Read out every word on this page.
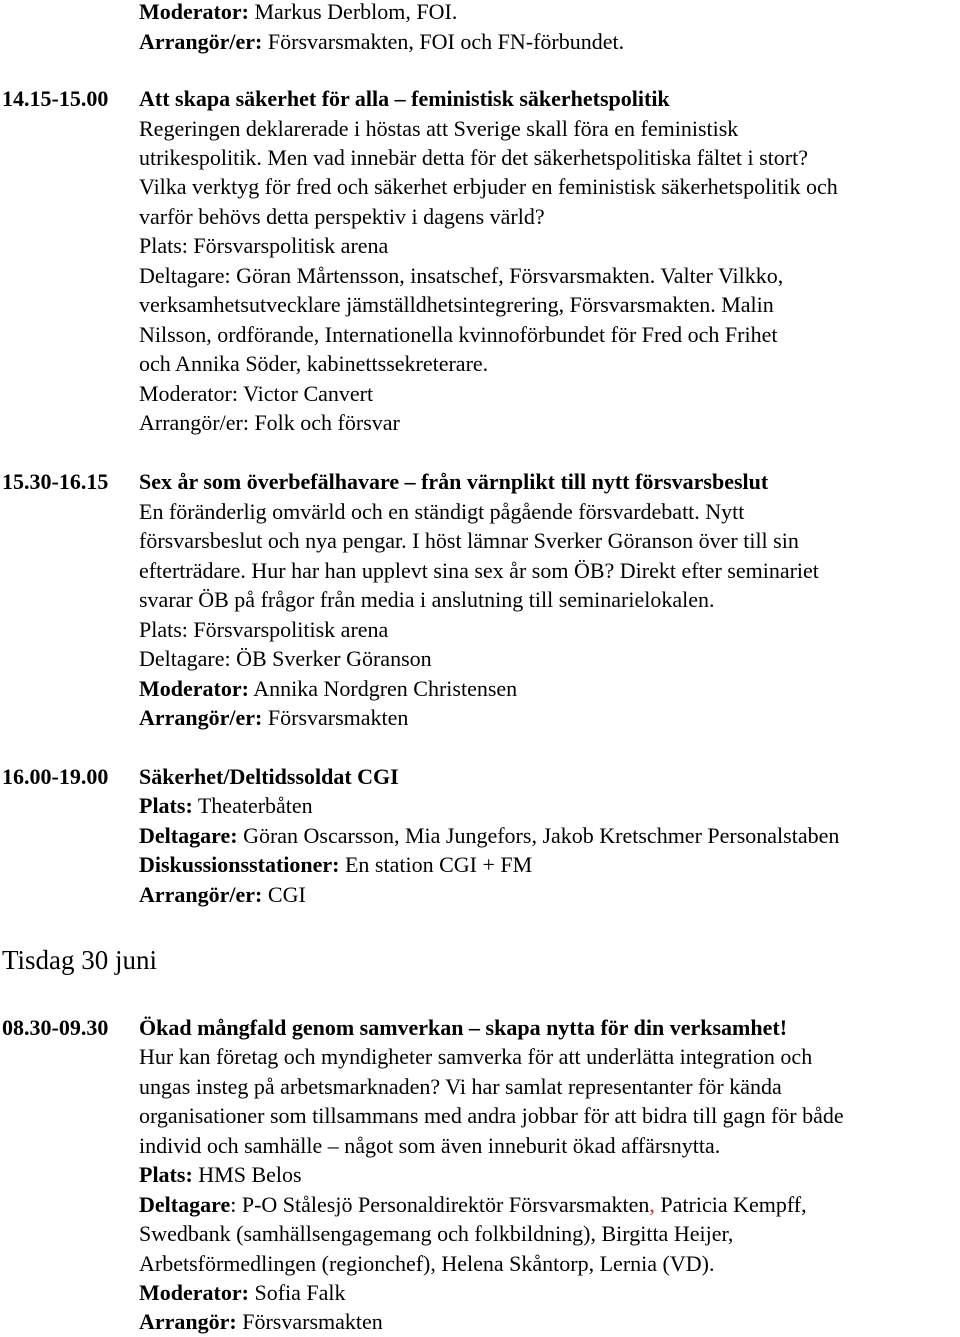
Moderator: Markus Derblom, FOI.
Arrangör/er: Försvarsmakten, FOI och FN-förbundet.
14.15-15.00 Att skapa säkerhet för alla – feministisk säkerhetspolitik
Regeringen deklarerade i höstas att Sverige skall föra en feministisk
utrikespolitik. Men vad innebär detta för det säkerhetspolitiska fältet i stort?
Vilka verktyg för fred och säkerhet erbjuder en feministisk säkerhetspolitik och
varför behövs detta perspektiv i dagens värld?
Plats: Försvarspolitisk arena
Deltagare: Göran Mårtensson, insatschef, Försvarsmakten. Valter Vilkko,
verksamhetsutvecklare jämställdhetsintegrering, Försvarsmakten. Malin
Nilsson, ordförande, Internationella kvinnoförbundet för Fred och Frihet
och Annika Söder, kabinettssekreterare.
Moderator: Victor Canvert
Arrangör/er: Folk och försvar
15.30-16.15 Sex år som överbefälhavare – från värnplikt till nytt försvarsbeslut
En föränderlig omvärld och en ständigt pågående försvardebatt. Nytt
försvarsbeslut och nya pengar. I höst lämnar Sverker Göranson över till sin
efterträdare. Hur har han upplevt sina sex år som ÖB? Direkt efter seminariet
svarar ÖB på frågor från media i anslutning till seminarielokalen.
Plats: Försvarspolitisk arena
Deltagare: ÖB Sverker Göranson
Moderator: Annika Nordgren Christensen
Arrangör/er: Försvarsmakten
16.00-19.00 Säkerhet/Deltidssoldat CGI
Plats: Theaterbåten
Deltagare: Göran Oscarsson, Mia Jungefors, Jakob Kretschmer Personalstaben
Diskussionsstationer: En station CGI + FM
Arrangör/er: CGI
Tisdag 30 juni
08.30-09.30 Ökad mångfald genom samverkan – skapa nytta för din verksamhet!
Hur kan företag och myndigheter samverka för att underlätta integration och
ungas insteg på arbetsmarknaden? Vi har samlat representanter för kända
organisationer som tillsammans med andra jobbar för att bidra till gagn för både
individ och samhälle – något som även inneburit ökad affärsnytta.
Plats: HMS Belos
Deltagare: P-O Stålesjö Personaldirektör Försvarsmakten, Patricia Kempff,
Swedbank (samhällsengagemang och folkbildning), Birgitta Heijer,
Arbetsförmedlingen (regionchef), Helena Skåntorp, Lernia (VD).
Moderator: Sofia Falk
Arrangör: Försvarsmakten
